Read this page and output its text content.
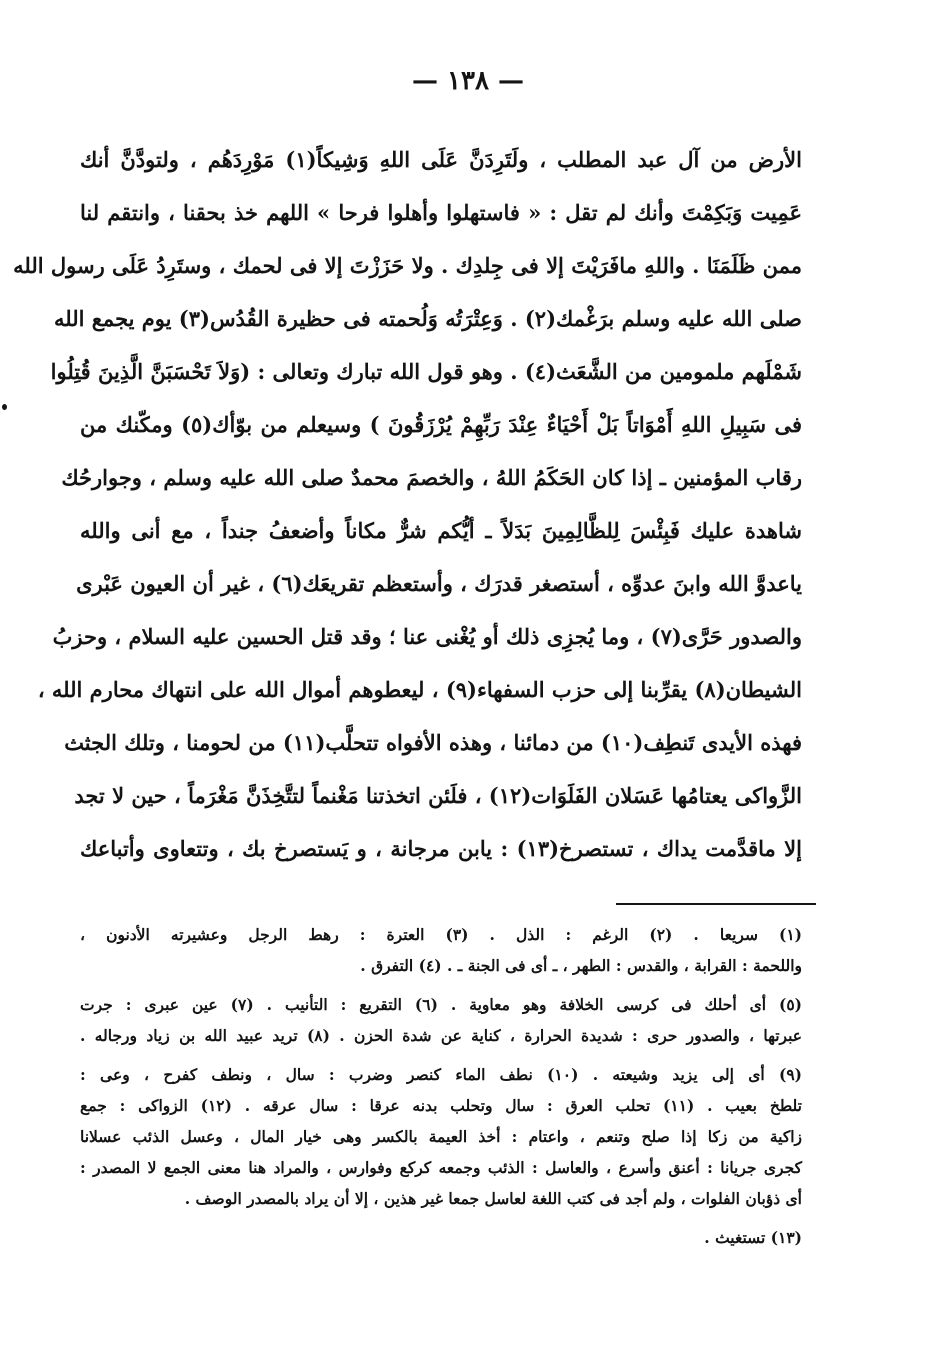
— ١٣٨ —
الأرض من آل عبد المطلب ، ولَتَرِدَنَّ عَلَى اللهِ وَشِيكاً(١) مَوْرِدَهُم ، ولتودَّنَّ أنك
عَمِيت وَبَكِمْتَ وأنك لم تقل : « فاستهلوا وأهلوا فرحا » اللهم خذ بحقنا ، وانتقم لنا
ممن ظَلَمَنَا . واللهِ مافَرَيْتَ إلا فى جِلدِك . ولا حَزَزْتَ إلا فى لحمك ، وستَرِدُ عَلَى رسول الله
صلى الله عليه وسلم برَغْمك(٢) . وَعِتْرَتُه وَلُحمته فى حظيرة القُدُس(٣) يوم يجمع الله
شَمْلَهم ملمومين من الشَّعَث(٤) . وهو قول الله تبارك وتعالى : (وَلاَ تَحْسَبَنَّ الَّذِينَ قُتِلُوا
فى سَبِيلِ اللهِ أَمْوَاتاً بَلْ أَحْيَاءٌ عِنْدَ رَبِّهِمْ يُرْزَقُونَ ) وسيعلم من بوّأك(٥) ومكّنك من
رقاب المؤمنين ـ إذا كان الحَكَمُ اللهُ ، والخصمَ محمدٌ صلى الله عليه وسلم ، وجوارحُك
شاهدة عليك فَبِئْسَ لِلظَّالِمِينَ بَدَلاً ـ أيُّكم شرٌّ مكاناً وأضعفُ جنداً ، مع أنى والله
ياعدوَّ الله وابنَ عدوِّه ، أستصغر قدرَك ، وأستعظم تقريعَك(٦) ، غير أن العيون عَبْرى
والصدور حَرَّى(٧) ، وما يُجزِى ذلك أو يُغْنى عنا ؛ وقد قتل الحسين عليه السلام ، وحزبُ
الشيطان(٨) يقرِّبنا إلى حزب السفهاء(٩) ، ليعطوهم أموال الله على انتهاك محارم الله ،
فهذه الأيدى تَنطِف(١٠) من دمائنا ، وهذه الأفواه تتحلَّب(١١) من لحومنا ، وتلك الجثث
الزَّواكى يعتامُها عَسَلان الفَلَوَات(١٢) ، فلَئن اتخذتنا مَغْنماً لتتَّخِذَنَّ مَغْرَماً ، حين لا تجد
إلا ماقدَّمت يداك ، تستصرخ(١٣) : يابن مرجانة ، و يَستصرخ بك ، وتتعاوى وأتباعك
(١) سريعا . (٢) الرغم : الذل . (٣) العترة : رهط الرجل وعشيرته الأدنون ،
واللحمة : القرابة ، والقدس : الطهر ، ـ أى فى الجنة ـ . (٤) التفرق .
(٥) أى أحلك فى كرسى الخلافة وهو معاوية . (٦) التقريع : التأنيب . (٧) عين عبرى : جرت
عبرتها ، والصدور حرى : شديدة الحرارة ، كناية عن شدة الحزن . (٨) تريد عبيد الله بن زياد ورجاله .
(٩) أى إلى يزيد وشيعته . (١٠) نطف الماء كنصر وضرب : سال ، ونطف كفرح ، وعى :
تلطخ بعيب . (١١) تحلب العرق : سال وتحلب بدنه عرقا : سال عرقه . (١٢) الزواكى : جمع
زاكية من زكا إذا صلح وتنعم ، واعتام : أخذ العيمة بالكسر وهى خيار المال ، وعسل الذئب عسلانا
كجرى جريانا : أعنق وأسرع ، والعاسل : الذئب وجمعه كركع وفوارس ، والمراد هنا معنى الجمع لا المصدر :
أى ذؤبان الفلوات ، ولم أجد فى كتب اللغة لعاسل جمعا غير هذين ، إلا أن يراد بالمصدر الوصف .
(١٣) تستغيث .
